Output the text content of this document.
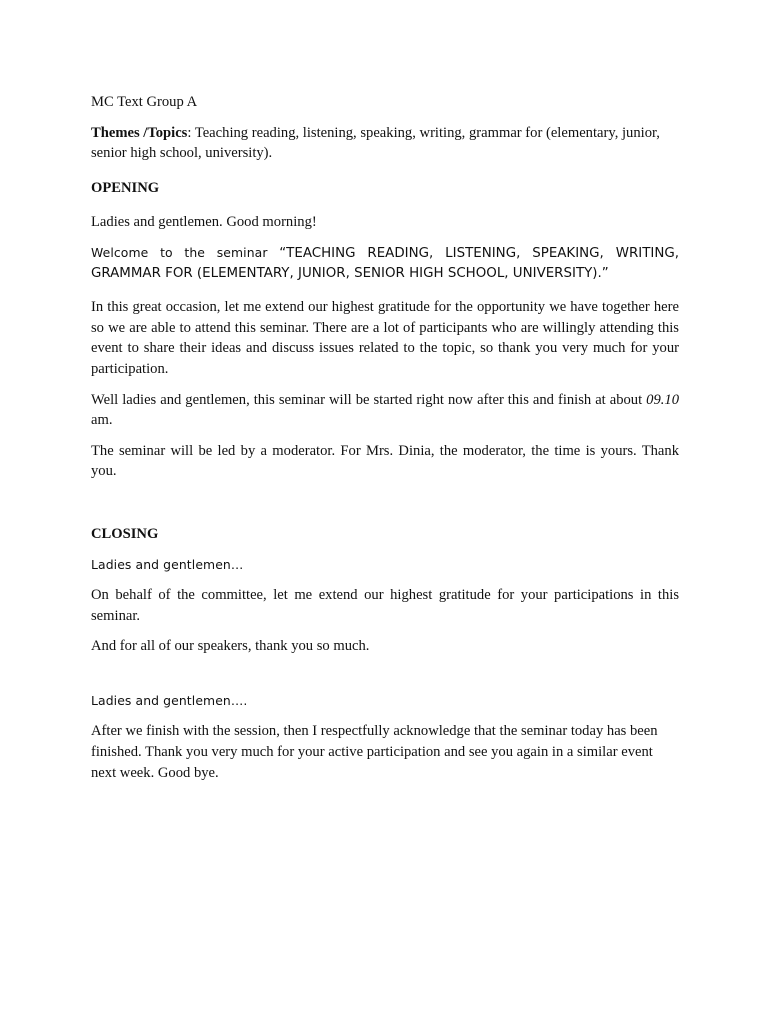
MC Text Group A

Themes /Topics: Teaching reading, listening, speaking, writing, grammar for (elementary, junior, senior high school, university).

OPENING

Ladies and gentlemen. Good morning!

Welcome to the seminar “TEACHING READING, LISTENING, SPEAKING, WRITING, GRAMMAR FOR (ELEMENTARY, JUNIOR, SENIOR HIGH SCHOOL, UNIVERSITY).”

In this great occasion, let me extend our highest gratitude for the opportunity we have together here so we are able to attend this seminar. There are a lot of participants who are willingly attending this event to share their ideas and discuss issues related to the topic, so thank you very much for your participation.

Well ladies and gentlemen, this seminar will be started right now after this and finish at about 09.10 am.

The seminar will be led by a moderator. For Mrs. Dinia, the moderator, the time is yours. Thank you.

CLOSING

Ladies and gentlemen…

On behalf of the committee, let me extend our highest gratitude for your participations in this seminar.

And for all of our speakers, thank you so much.

Ladies and gentlemen….

After we finish with the session, then I respectfully acknowledge that the seminar today has been finished. Thank you very much for your active participation and see you again in a similar event next week. Good bye.
